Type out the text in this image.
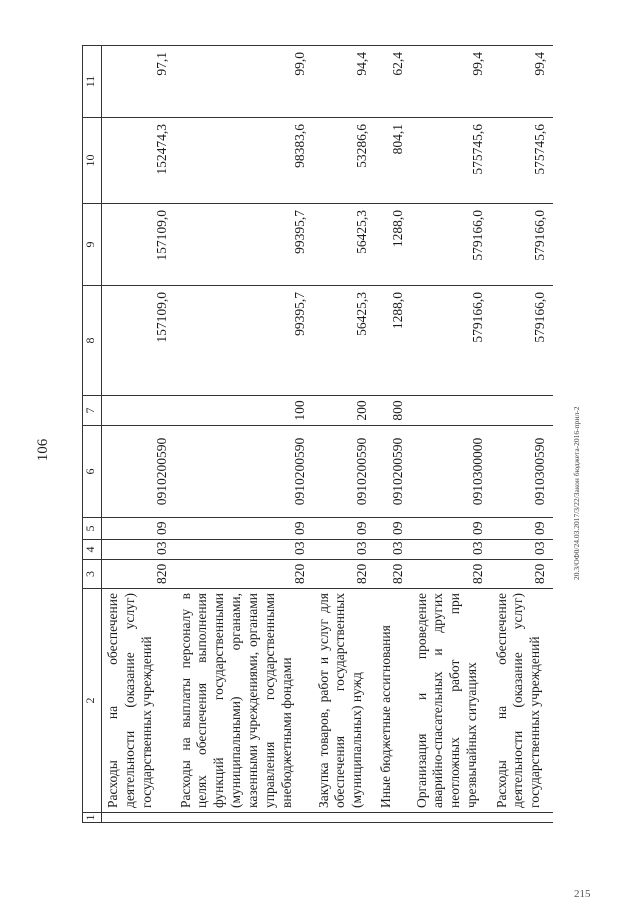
106
215
20.3/ОФ0/24.03.2017/3/22/Закон бюджета-2016-прил-2
1	2	3	4	5	6	7	8	9	10	11
	Расходы на обеспечение деятельности (оказание услуг) государственных учреждений	820	03	09	0910200590		157109,0	157109,0	152474,3	97,1
	Расходы на выплаты персоналу в целях обеспечения выполнения функций государственными (муниципальными) органами, казенными учреждениями, органами управления государственными внебюджетными фондами	820	03	09	0910200590	100	99395,7	99395,7	98383,6	99,0
	Закупка товаров, работ и услуг для обеспечения государственных (муниципальных) нужд	820	03	09	0910200590	200	56425,3	56425,3	53286,6	94,4
	Иные бюджетные ассигнования	820	03	09	0910200590	800	1288,0	1288,0	804,1	62,4
	Организация и проведение аварийно-спасательных и других неотложных работ при чрезвычайных ситуациях	820	03	09	0910300000		579166,0	579166,0	575745,6	99,4
	Расходы на обеспечение деятельности (оказание услуг) государственных учреждений	820	03	09	0910300590		579166,0	579166,0	575745,6	99,4
